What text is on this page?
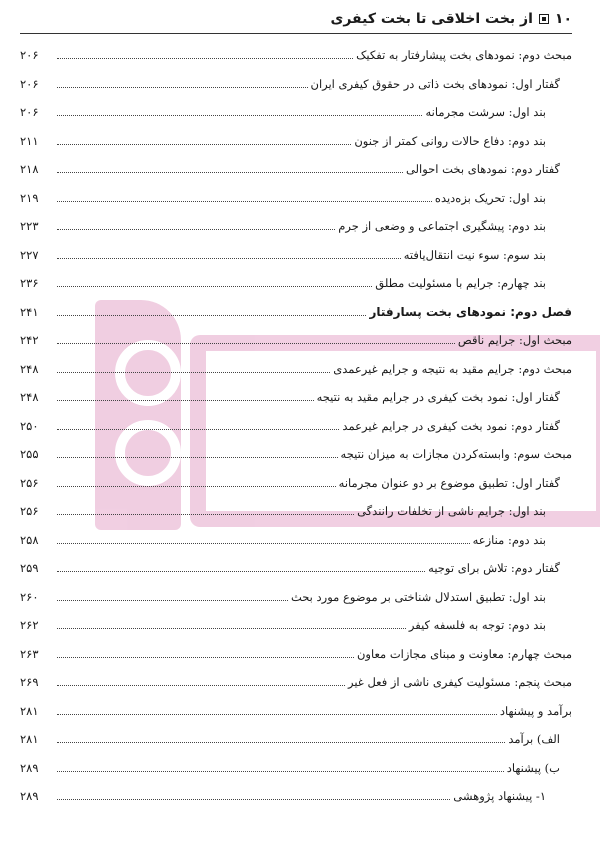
۱۰
از بخت اخلاقی تا بخت کیفری
مبحث دوم: نمودهای بخت پیشارفتار به تفکیک
۲۰۶
گفتار اول: نمودهای بخت ذاتی در حقوق کیفری ایران
۲۰۶
بند اول: سرشت مجرمانه
۲۰۶
بند دوم: دفاع حالات روانی کمتر از جنون
۲۱۱
گفتار دوم: نمودهای بخت احوالی
۲۱۸
بند اول: تحریک بزه‌دیده
۲۱۹
بند دوم: پیشگیری اجتماعی و وضعی از جرم
۲۲۳
بند سوم: سوء نیت انتقال‌یافته
۲۲۷
بند چهارم: جرایم با مسئولیت مطلق
۲۳۶
فصل دوم: نمودهای بخت پسارفتار
۲۴۱
مبحث اول: جرایم ناقص
۲۴۲
مبحث دوم: جرایم مقید به نتیجه و جرایم غیرعمدی
۲۴۸
گفتار اول: نمود بخت کیفری در جرایم مقید به نتیجه
۲۴۸
گفتار دوم: نمود بخت کیفری در جرایم غیرعمد
۲۵۰
مبحث سوم: وابسته‌کردن مجازات به میزان نتیجه
۲۵۵
گفتار اول: تطبیق موضوع بر دو عنوان مجرمانه
۲۵۶
بند اول: جرایم ناشی از تخلفات رانندگی
۲۵۶
بند دوم: منازعه
۲۵۸
گفتار دوم: تلاش برای توجیه
۲۵۹
بند اول: تطبیق استدلال شناختی بر موضوع مورد بحث
۲۶۰
بند دوم: توجه به فلسفه کیفر
۲۶۲
مبحث چهارم: معاونت و مبنای مجازات معاون
۲۶۳
مبحث پنجم: مسئولیت کیفری ناشی از فعل غیر
۲۶۹
برآمد و پیشنهاد
۲۸۱
الف) برآمد
۲۸۱
ب) پیشنهاد
۲۸۹
۱- پیشنهاد پژوهشی
۲۸۹
